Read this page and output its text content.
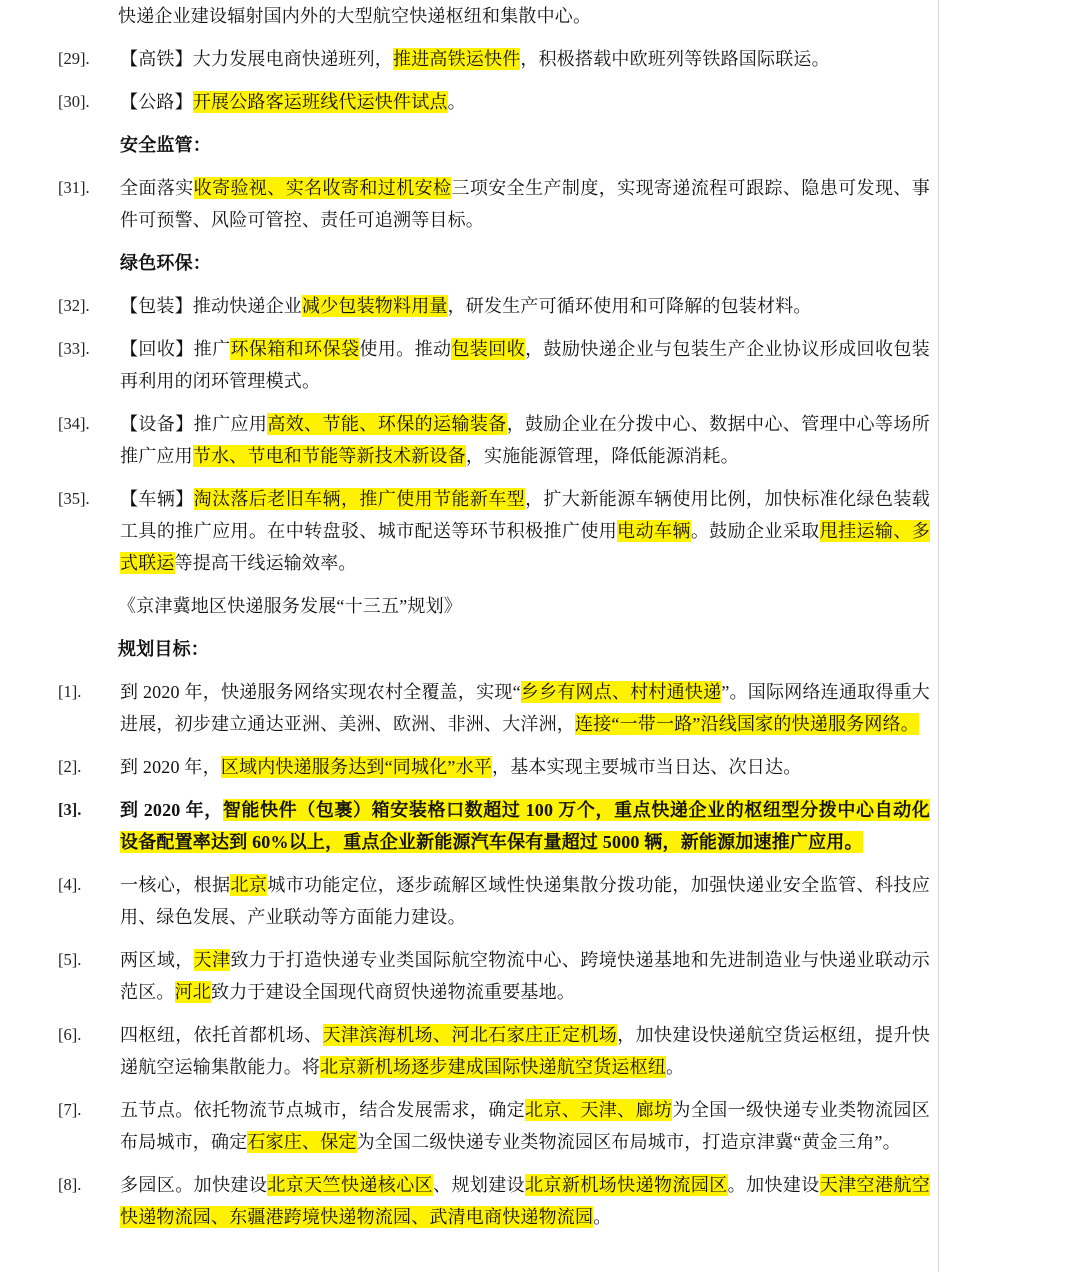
快递企业建设辐射国内外的大型航空快递枢纽和集散中心。
[29].	【高铁】大力发展电商快递班列，推进高铁运快件，积极搭载中欧班列等铁路国际联运。
[30].	【公路】开展公路客运班线代运快件试点。
安全监管：
[31].	全面落实收寄验视、实名收寄和过机安检三项安全生产制度，实现寄递流程可跟踪、隐患可发现、事件可预警、风险可管控、责任可追溯等目标。
绿色环保：
[32].	【包装】推动快递企业减少包装物料用量，研发生产可循环使用和可降解的包装材料。
[33].	【回收】推广环保箱和环保袋使用。推动包装回收，鼓励快递企业与包装生产企业协议形成回收包装再利用的闭环管理模式。
[34].	【设备】推广应用高效、节能、环保的运输装备，鼓励企业在分拨中心、数据中心、管理中心等场所推广应用节水、节电和节能等新技术新设备，实施能源管理，降低能源消耗。
[35].	【车辆】淘汰落后老旧车辆，推广使用节能新车型，扩大新能源车辆使用比例，加快标准化绿色装载工具的推广应用。在中转盘驳、城市配送等环节积极推广使用电动车辆。鼓励企业采取甩挂运输、多式联运等提高干线运输效率。
《京津冀地区快递服务发展“十三五”规划》
规划目标：
[1].	到 2020 年，快递服务网络实现农村全覆盖，实现“乡乡有网点、村村通快递”。国际网络连通取得重大进展，初步建立通达亚洲、美洲、欧洲、非洲、大洋洲，连接“一带一路”沿线国家的快递服务网络。
[2].	到 2020 年，区域内快递服务达到“同城化”水平，基本实现主要城市当日达、次日达。
[3].	到 2020 年，智能快件（包裹）箱安装格口数超过 100 万个，重点快递企业的枢纽型分拨中心自动化设备配置率达到 60%以上，重点企业新能源汽车保有量超过 5000 辆，新能源加速推广应用。
[4].	一核心，根据北京城市功能定位，逐步疏解区域性快递集散分拨功能，加强快递业安全监管、科技应用、绿色发展、产业联动等方面能力建设。
[5].	两区域，天津致力于打造快递专业类国际航空物流中心、跨境快递基地和先进制造业与快递业联动示范区。河北致力于建设全国现代商贸快递物流重要基地。
[6].	四枢纽，依托首都机场、天津滨海机场、河北石家庄正定机场，加快建设快递航空货运枢纽，提升快递航空运输集散能力。将北京新机场逐步建成国际快递航空货运枢纽。
[7].	五节点。依托物流节点城市，结合发展需求，确定北京、天津、廊坊为全国一级快递专业类物流园区布局城市，确定石家庄、保定为全国二级快递专业类物流园区布局城市，打造京津冀“黄金三角”。
[8].	多园区。加快建设北京天竺快递核心区、规划建设北京新机场快递物流园区。加快建设天津空港航空快递物流园、东疆港跨境快递物流园、武清电商快递物流园。
